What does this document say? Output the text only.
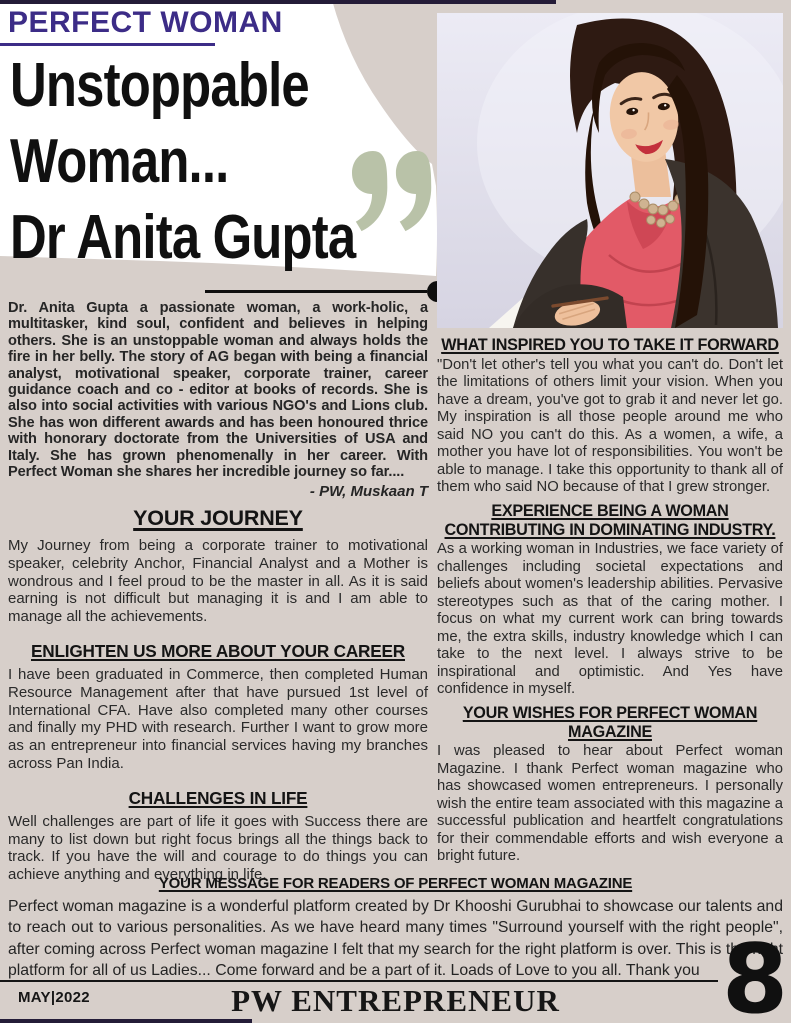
PERFECT WOMAN
Unstoppable
Woman...
Dr Anita Gupta
Dr. Anita Gupta a passionate woman, a work-holic, a multitasker, kind soul, confident and believes in helping others. She is an unstoppable woman and always holds the fire in her belly. The story of AG began with being a financial analyst, motivational speaker, corporate trainer, career guidance coach and co - editor at books of records. She is also into social activities with various NGO's and Lions club. She has won different awards and has been honoured thrice with honorary doctorate from the Universities of USA and Italy. She has grown phenomenally in her career. With Perfect Woman she shares her incredible journey so far....
- PW, Muskaan T
YOUR JOURNEY
My Journey from being a corporate trainer to motivational speaker, celebrity Anchor, Financial Analyst and a Mother is wondrous and I feel proud to be the master in all. As it is said earning is not difficult but managing it is and I am able to manage all the achievements.
ENLIGHTEN US MORE ABOUT YOUR CAREER
I have been graduated in Commerce, then completed Human Resource Management after that have pursued 1st level of International CFA. Have also completed many other courses and finally my PHD with research. Further I want to grow more as an entrepreneur into financial services having my branches across Pan India.
CHALLENGES IN LIFE
Well challenges are part of life it goes with Success there are many to list down but right focus brings all the things back to track. If you have the will and courage to do things you can achieve anything and everything in life.
WHAT INSPIRED YOU TO TAKE IT FORWARD
"Don't let other's tell you what you can't do. Don't let the limitations of others limit your vision. When you have a dream, you've got to grab it and never let go. My inspiration is all those people around me who said NO you can't do this. As a women, a wife, a mother you have lot of responsibilities. You won't be able to manage. I take this opportunity to thank all of them who said NO because of that I grew stronger.
EXPERIENCE BEING A WOMAN
CONTRIBUTING IN DOMINATING INDUSTRY.
As a working woman in Industries, we face variety of challenges including societal expectations and beliefs about women's leadership abilities. Pervasive stereotypes such as that of the caring mother. I focus on what my current work can bring towards me, the extra skills, industry knowledge which I can take to the next level. I always strive to be inspirational and optimistic. And Yes have confidence in myself.
YOUR WISHES FOR PERFECT WOMAN
MAGAZINE
I was pleased to hear about Perfect woman Magazine. I thank Perfect woman magazine who has showcased women entrepreneurs. I personally wish the entire team associated with this magazine a successful publication and heartfelt congratulations for their commendable efforts and wish everyone a bright future.
YOUR MESSAGE FOR READERS OF PERFECT WOMAN MAGAZINE
Perfect woman magazine is a wonderful platform created by Dr Khooshi Gurubhai to showcase our talents and to reach out to various personalities. As we have heard many times "Surround yourself with the right people", after coming across Perfect woman magazine I felt that my search for the right platform is over. This is the right platform for all of us Ladies... Come forward and be a part of it. Loads of Love to you all. Thank you
MAY|2022	PW ENTREPRENEUR	8
